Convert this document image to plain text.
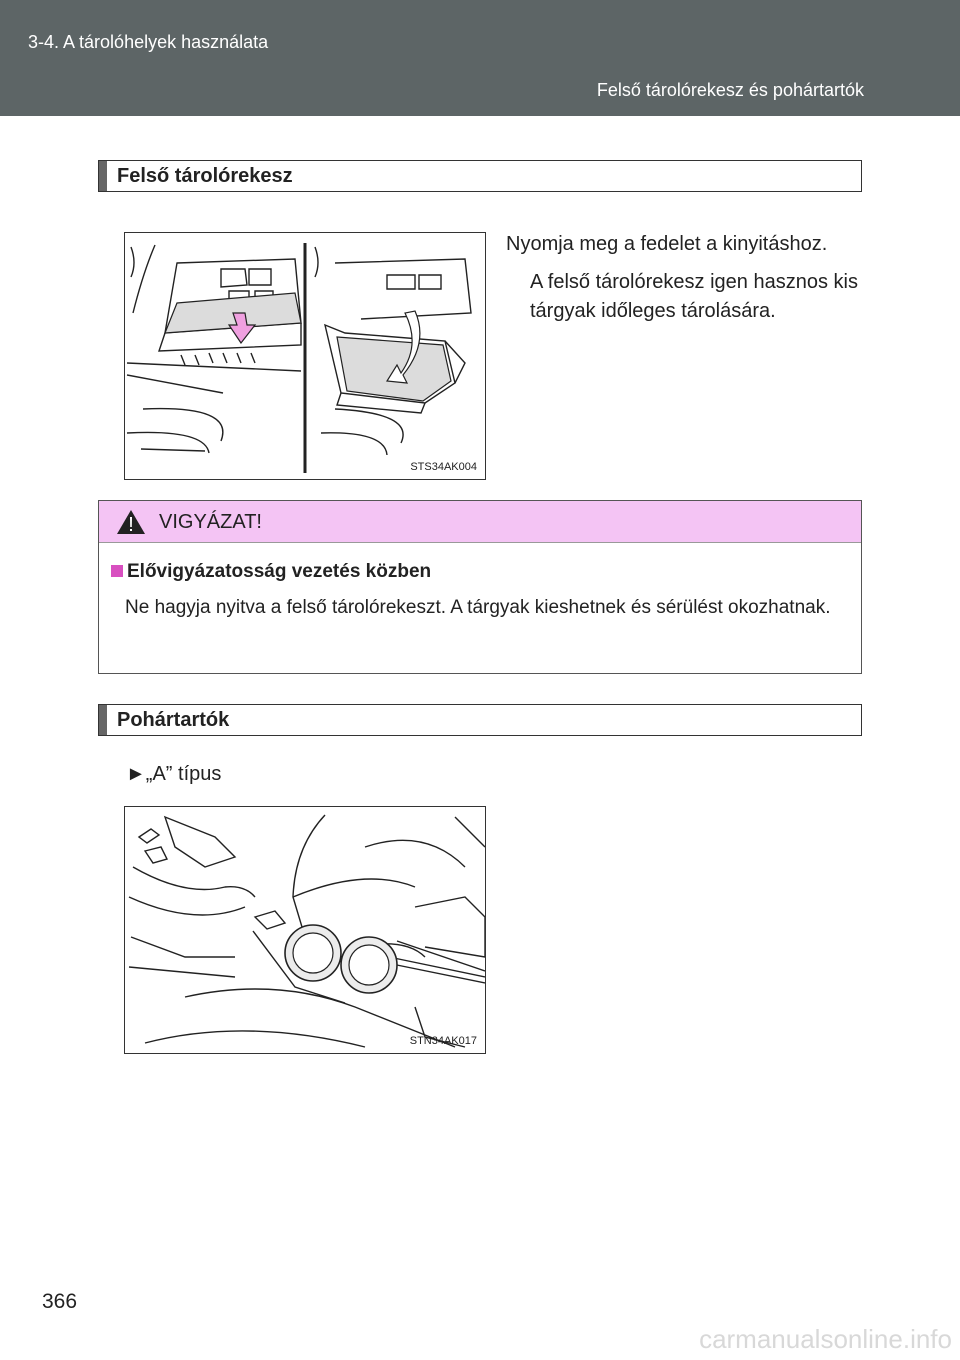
3-4. A tárolóhelyek használata
Felső tárolórekesz és pohártartók
Felső tárolórekesz
STS34AK004
Nyomja meg a fedelet a kinyitáshoz.
A felső tárolórekesz igen hasznos kis tárgyak időleges tárolására.
VIGYÁZAT!
Elővigyázatosság vezetés közben
Ne hagyja nyitva a felső tárolórekeszt. A tárgyak kieshetnek és sérülést okozhatnak.
Pohártartók
►„A” típus
STN34AK017
366
carmanualsonline.info
